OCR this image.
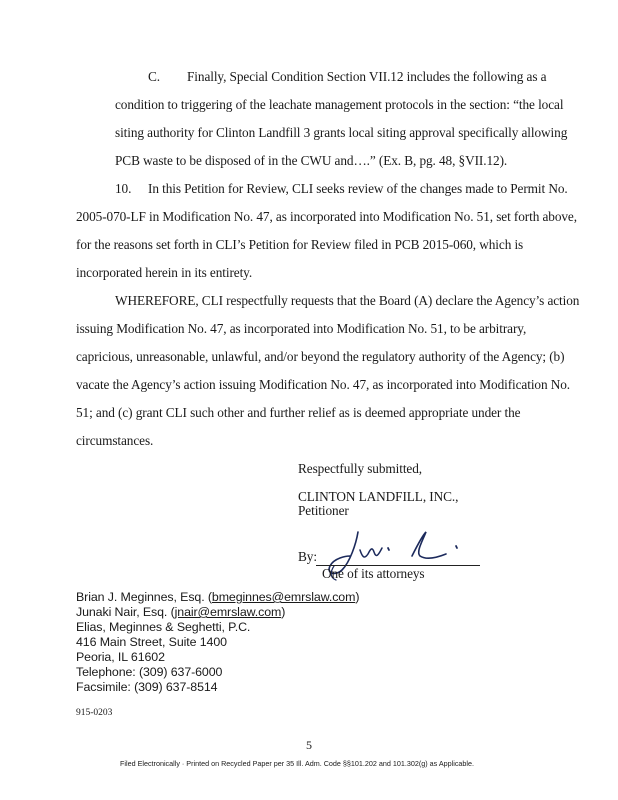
C. Finally, Special Condition Section VII.12 includes the following as a
condition to triggering of the leachate management protocols in the section: “the local
siting authority for Clinton Landfill 3 grants local siting approval specifically allowing
PCB waste to be disposed of in the CWU and….” (Ex. B, pg. 48, §VII.12).
10. In this Petition for Review, CLI seeks review of the changes made to Permit No.
2005-070-LF in Modification No. 47, as incorporated into Modification No. 51, set forth above,
for the reasons set forth in CLI’s Petition for Review filed in PCB 2015-060, which is
incorporated herein in its entirety.
WHEREFORE, CLI respectfully requests that the Board (A) declare the Agency’s action
issuing Modification No. 47, as incorporated into Modification No. 51, to be arbitrary,
capricious, unreasonable, unlawful, and/or beyond the regulatory authority of the Agency; (b)
vacate the Agency’s action issuing Modification No. 47, as incorporated into Modification No.
51; and (c) grant CLI such other and further relief as is deemed appropriate under the
circumstances.
Respectfully submitted,
CLINTON LANDFILL, INC.,
Petitioner
By:
One of its attorneys
Brian J. Meginnes, Esq. (bmeginnes@emrslaw.com)
Junaki Nair, Esq. (jnair@emrslaw.com)
Elias, Meginnes & Seghetti, P.C.
416 Main Street, Suite 1400
Peoria, IL 61602
Telephone: (309) 637-6000
Facsimile: (309) 637-8514
915-0203
5
Filed Electronically · Printed on Recycled Paper per 35 Ill. Adm. Code §§101.202 and 101.302(g) as Applicable.
